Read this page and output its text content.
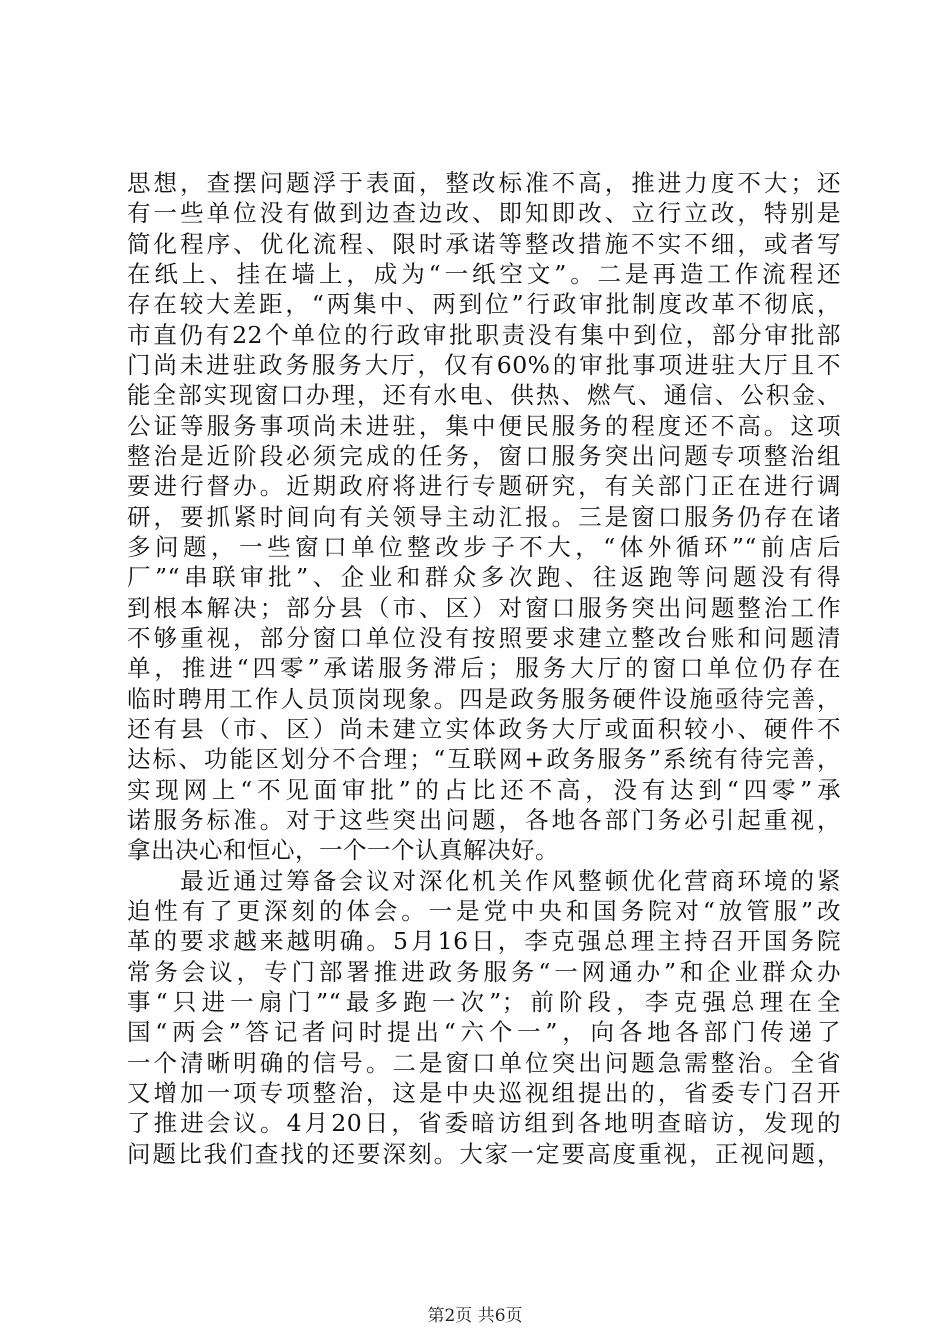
思想，查摆问题浮于表面，整改标准不高，推进力度不大；还
有一些单位没有做到边查边改、即知即改、立行立改，特别是
简化程序、优化流程、限时承诺等整改措施不实不细，或者写
在纸上、挂在墙上，成为“一纸空文”。二是再造工作流程还
存在较大差距，“两集中、两到位”行政审批制度改革不彻底，
市直仍有22个单位的行政审批职责没有集中到位，部分审批部
门尚未进驻政务服务大厅，仅有60%的审批事项进驻大厅且不
能全部实现窗口办理，还有水电、供热、燃气、通信、公积金、
公证等服务事项尚未进驻，集中便民服务的程度还不高。这项
整治是近阶段必须完成的任务，窗口服务突出问题专项整治组
要进行督办。近期政府将进行专题研究，有关部门正在进行调
研，要抓紧时间向有关领导主动汇报。三是窗口服务仍存在诸
多问题，一些窗口单位整改步子不大，“体外循环”“前店后
厂”“串联审批”、企业和群众多次跑、往返跑等问题没有得
到根本解决；部分县（市、区）对窗口服务突出问题整治工作
不够重视，部分窗口单位没有按照要求建立整改台账和问题清
单，推进“四零”承诺服务滞后；服务大厅的窗口单位仍存在
临时聘用工作人员顶岗现象。四是政务服务硬件设施亟待完善，
还有县（市、区）尚未建立实体政务大厅或面积较小、硬件不
达标、功能区划分不合理；“互联网+政务服务”系统有待完善，
实现网上“不见面审批”的占比还不高，没有达到“四零”承
诺服务标准。对于这些突出问题，各地各部门务必引起重视，
拿出决心和恒心，一个一个认真解决好。
　　最近通过筹备会议对深化机关作风整顿优化营商环境的紧
迫性有了更深刻的体会。一是党中央和国务院对“放管服”改
革的要求越来越明确。5月16日，李克强总理主持召开国务院
常务会议，专门部署推进政务服务“一网通办”和企业群众办
事“只进一扇门”“最多跑一次”；前阶段，李克强总理在全
国“两会”答记者问时提出“六个一”，向各地各部门传递了
一个清晰明确的信号。二是窗口单位突出问题急需整治。全省
又增加一项专项整治，这是中央巡视组提出的，省委专门召开
了推进会议。4月20日，省委暗访组到各地明查暗访，发现的
问题比我们查找的还要深刻。大家一定要高度重视，正视问题，
第2页 共6页
